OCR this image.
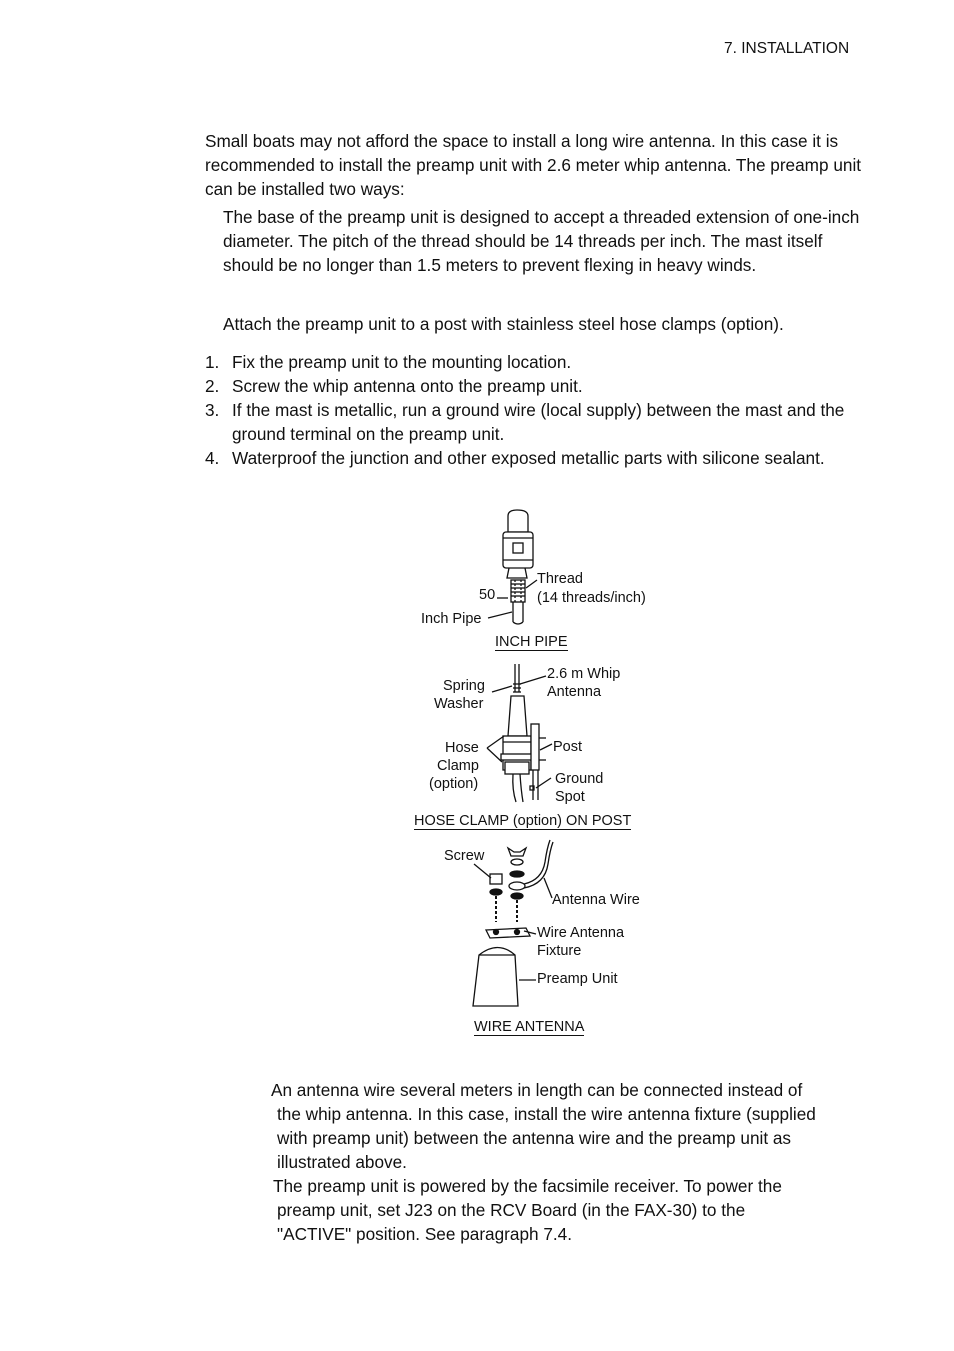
7. INSTALLATION
Small boats may not afford the space to install a long wire antenna. In this case it is recommended to install the preamp unit with 2.6 meter whip antenna. The preamp unit can be installed two ways:
The base of the preamp unit is designed to accept a threaded extension of one-inch diameter. The pitch of the thread should be 14 threads per inch. The mast itself should be no longer than 1.5 meters to prevent flexing in heavy winds.
Attach the preamp unit to a post with stainless steel hose clamps (option).
1. Fix the preamp unit to the mounting location.
2. Screw the whip antenna onto the preamp unit.
3. If the mast is metallic, run a ground wire (local supply) between the mast and the ground terminal on the preamp unit.
4. Waterproof the junction and other exposed metallic parts with silicone sealant.
Thread
(14 threads/inch)
50
Inch Pipe
INCH PIPE
2.6 m Whip
Antenna
Spring
Washer
Hose
Clamp
(option)
Post
Ground
Spot
HOSE CLAMP (option) ON POST
Screw
Antenna Wire
Wire Antenna
Fixture
Preamp Unit
WIRE ANTENNA
An antenna wire several meters in length can be connected instead of
the whip antenna. In this case, install the wire antenna fixture (supplied
with preamp unit) between the antenna wire and the preamp unit as
illustrated above.
The preamp unit is powered by the facsimile receiver. To power the
preamp unit, set J23 on the RCV Board (in the FAX-30) to the
"ACTIVE" position. See paragraph 7.4.
